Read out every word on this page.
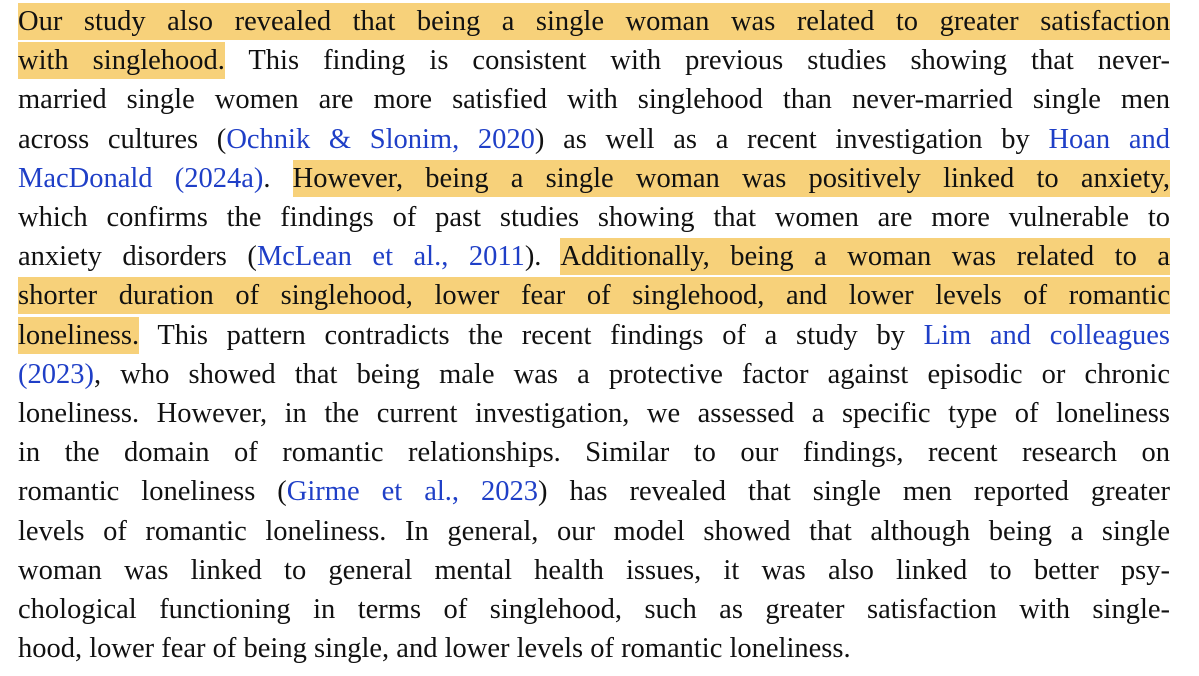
Our study also revealed that being a single woman was related to greater satisfaction
with singlehood. This finding is consistent with previous studies showing that never-
married single women are more satisfied with singlehood than never-married single men
across cultures (Ochnik & Slonim, 2020) as well as a recent investigation by Hoan and
MacDonald (2024a). However, being a single woman was positively linked to anxiety,
which confirms the findings of past studies showing that women are more vulnerable to
anxiety disorders (McLean et al., 2011). Additionally, being a woman was related to a
shorter duration of singlehood, lower fear of singlehood, and lower levels of romantic
loneliness. This pattern contradicts the recent findings of a study by Lim and colleagues
(2023), who showed that being male was a protective factor against episodic or chronic
loneliness. However, in the current investigation, we assessed a specific type of loneliness
in the domain of romantic relationships. Similar to our findings, recent research on
romantic loneliness (Girme et al., 2023) has revealed that single men reported greater
levels of romantic loneliness. In general, our model showed that although being a single
woman was linked to general mental health issues, it was also linked to better psy-
chological functioning in terms of singlehood, such as greater satisfaction with single-
hood, lower fear of being single, and lower levels of romantic loneliness.
